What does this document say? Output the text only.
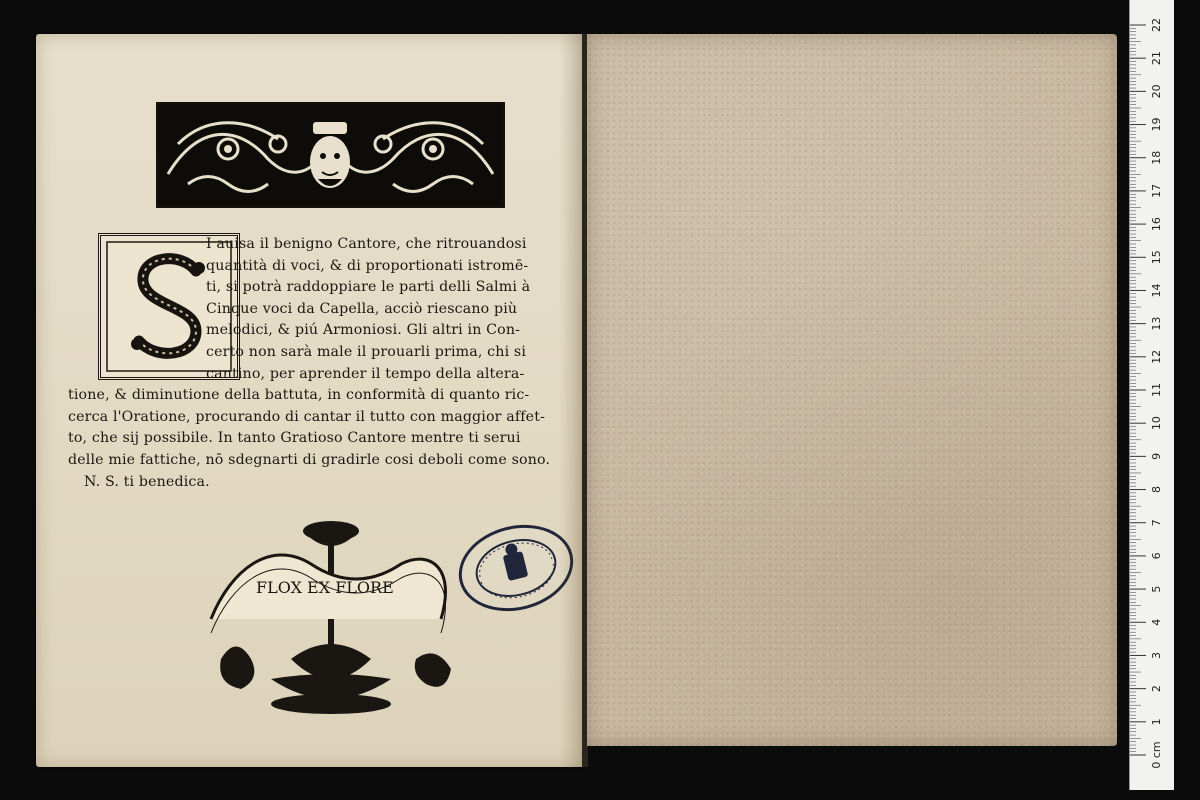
I auisa il benigno Cantore, che ritrouandosi
quantità di voci, & di proportionati istromē-
ti, si potrà raddoppiare le parti delli Salmi à
Cinque voci da Capella, acciò riescano più
melodici, & piú Armoniosi. Gli altri in Con-
certo non sarà male il prouarli prima, chi si
cantino, per aprender il tempo della altera-
tione, & diminutione della battuta, in conformità di quanto ric-
cerca l'Oratione, procurando di cantar il tutto con maggior affet-
to, che sij possibile. In tanto Gratioso Cantore mentre ti serui
delle mie fattiche, nō sdegnarti di gradirle cosi deboli come sono.
N. S. ti benedica.
FLOX EX FLORE
0 cm
1
2
3
4
5
6
7
8
9
10
11
12
13
14
15
16
17
18
19
20
21
22
